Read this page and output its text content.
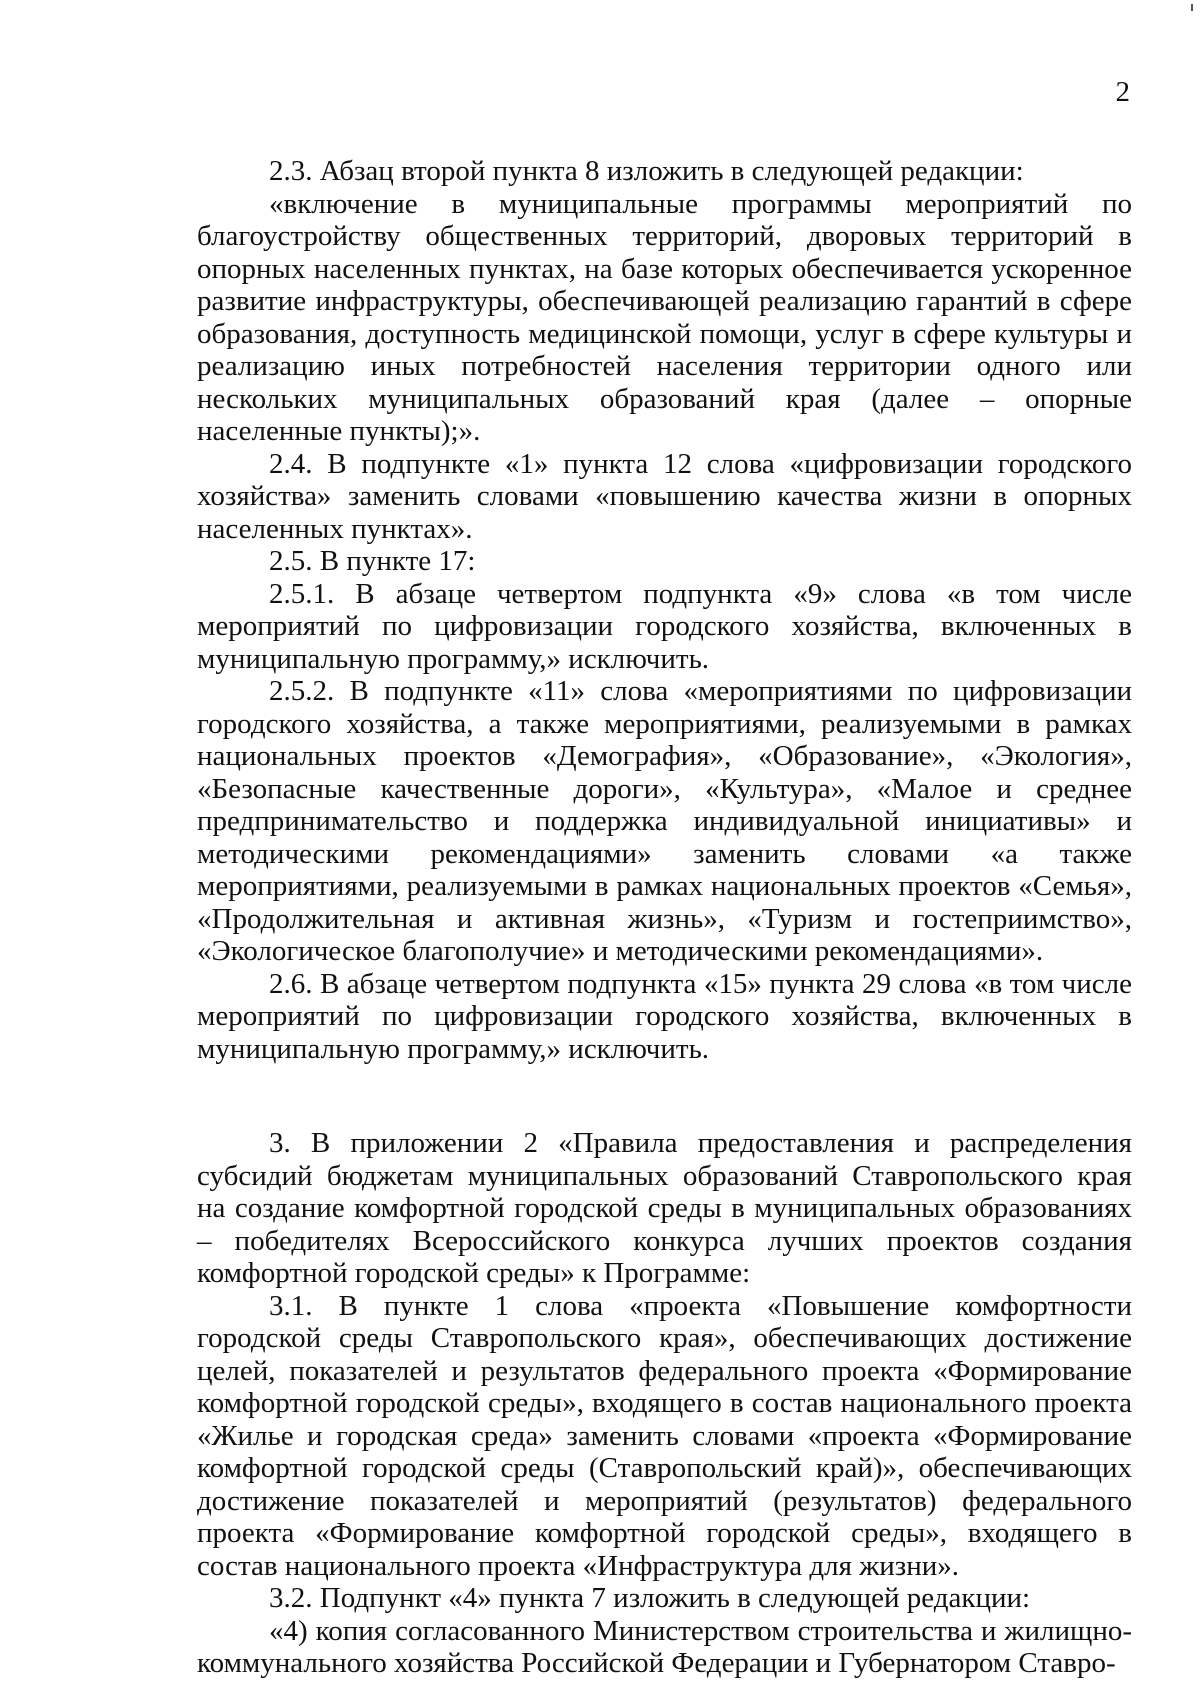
2

2.3. Абзац второй пункта 8 изложить в следующей редакции:

«включение в муниципальные программы мероприятий по благоустройству общественных территорий, дворовых территорий в опорных населенных пунктах, на базе которых обеспечивается ускоренное развитие инфраструктуры, обеспечивающей реализацию гарантий в сфере образования, доступность медицинской помощи, услуг в сфере культуры и реализацию иных потребностей населения территории одного или нескольких муниципальных образований края (далее – опорные населенные пункты);».

2.4. В подпункте «1» пункта 12 слова «цифровизации городского хозяйства» заменить словами «повышению качества жизни в опорных населенных пунктах».

2.5. В пункте 17:

2.5.1. В абзаце четвертом подпункта «9» слова «в том числе мероприятий по цифровизации городского хозяйства, включенных в муниципальную программу,» исключить.

2.5.2. В подпункте «11» слова «мероприятиями по цифровизации городского хозяйства, а также мероприятиями, реализуемыми в рамках национальных проектов «Демография», «Образование», «Экология», «Безопасные качественные дороги», «Культура», «Малое и среднее предпринимательство и поддержка индивидуальной инициативы» и методическими рекомендациями» заменить словами «а также мероприятиями, реализуемыми в рамках национальных проектов «Семья», «Продолжительная и активная жизнь», «Туризм и гостеприимство», «Экологическое благополучие» и методическими рекомендациями».

2.6. В абзаце четвертом подпункта «15» пункта 29 слова «в том числе мероприятий по цифровизации городского хозяйства, включенных в муниципальную программу,» исключить.

3. В приложении 2 «Правила предоставления и распределения субсидий бюджетам муниципальных образований Ставропольского края на создание комфортной городской среды в муниципальных образованиях – победителях Всероссийского конкурса лучших проектов создания комфортной городской среды» к Программе:

3.1. В пункте 1 слова «проекта «Повышение комфортности городской среды Ставропольского края», обеспечивающих достижение целей, показателей и результатов федерального проекта «Формирование комфортной городской среды», входящего в состав национального проекта «Жилье и городская среда» заменить словами «проекта «Формирование комфортной городской среды (Ставропольский край)», обеспечивающих достижение показателей и мероприятий (результатов) федерального проекта «Формирование комфортной городской среды», входящего в состав национального проекта «Инфраструктура для жизни».

3.2. Подпункт «4» пункта 7 изложить в следующей редакции:

«4) копия согласованного Министерством строительства и жилищно-коммунального хозяйства Российской Федерации и Губернатором Ставро-
